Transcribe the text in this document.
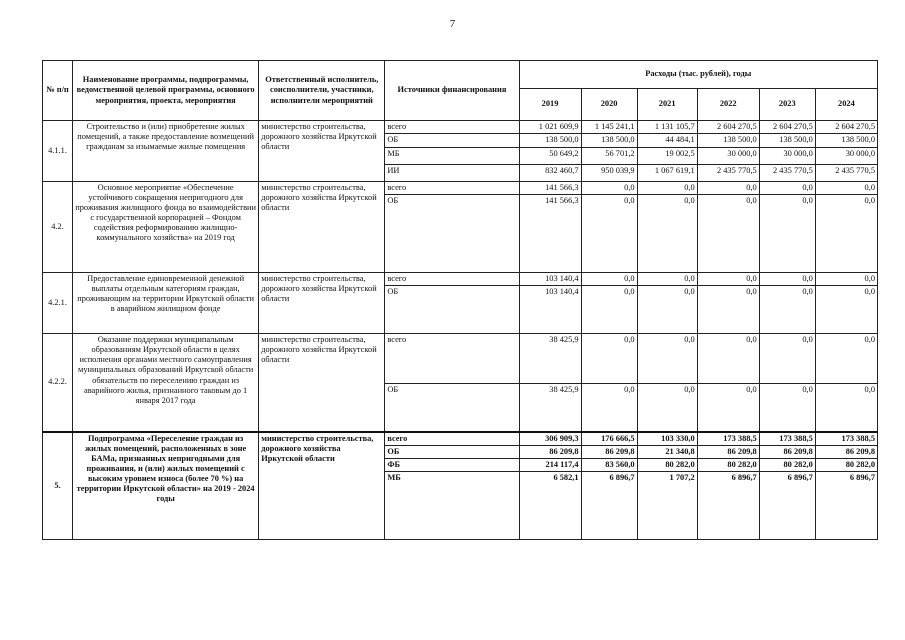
7
№ п/п	Наименование программы, подпрограммы, ведомственной целевой программы, основного мероприятия, проекта, мероприятия	Ответственный исполнитель, соисполнители, участники, исполнители мероприятий	Источники финансирования	Расходы (тыс. рублей), годы					
				2019	2020	2021	2022	2023	2024
4.1.1.	Строительство и (или) приобретение жилых помещений, а также предоставление возмещений гражданам за изымаемые жилые помещения	министерство строительства, дорожного хозяйства Иркутской области	всего	1 021 609,9	1 145 241,1	1 131 105,7	2 604 270,5	2 604 270,5	2 604 270,5
			ОБ	138 500,0	138 500,0	44 484,1	138 500,0	138 500,0	138 500,0
			МБ	50 649,2	56 701,2	19 002,5	30 000,0	30 000,0	30 000,0
			ИИ	832 460,7	950 039,9	1 067 619,1	2 435 770,5	2 435 770,5	2 435 770,5
4.2.	Основное мероприятие «Обеспечение устойчивого сокращения непригодного для проживания жилищного фонда во взаимодействии с государственной корпорацией – Фондом содействия реформированию жилищно-коммунального хозяйства» на 2019 год	министерство строительства, дорожного хозяйства Иркутской области	всего	141 566,3	0,0	0,0	0,0	0,0	0,0
			ОБ	141 566,3	0,0	0,0	0,0	0,0	0,0
4.2.1.	Предоставление единовременной денежной выплаты отдельным категориям граждан, проживающим на территории Иркутской области в аварийном жилищном фонде	министерство строительства, дорожного хозяйства Иркутской области	всего	103 140,4	0,0	0,0	0,0	0,0	0,0
			ОБ	103 140,4	0,0	0,0	0,0	0,0	0,0
4.2.2.	Оказание поддержки муниципальным образованиям Иркутской области в целях исполнения органами местного самоуправления муниципальных образований Иркутской области обязательств по переселению граждан из аварийного жилья, признанного таковым до 1 января 2017 года	министерство строительства, дорожного хозяйства Иркутской области	всего	38 425,9	0,0	0,0	0,0	0,0	0,0
			ОБ	38 425,9	0,0	0,0	0,0	0,0	0,0
5.	Подпрограмма «Переселение граждан из жилых помещений, расположенных в зоне БАМа, признанных непригодными для проживания, и (или) жилых помещений с высоким уровнем износа (более 70 %) на территории Иркутской области» на 2019 - 2024 годы	министерство строительства, дорожного хозяйства Иркутской области	всего	306 909,3	176 666,5	103 330,0	173 388,5	173 388,5	173 388,5
			ОБ	86 209,8	86 209,8	21 340,8	86 209,8	86 209,8	86 209,8
			ФБ	214 117,4	83 560,0	80 282,0	80 282,0	80 282,0	80 282,0
			МБ	6 582,1	6 896,7	1 707,2	6 896,7	6 896,7	6 896,7
